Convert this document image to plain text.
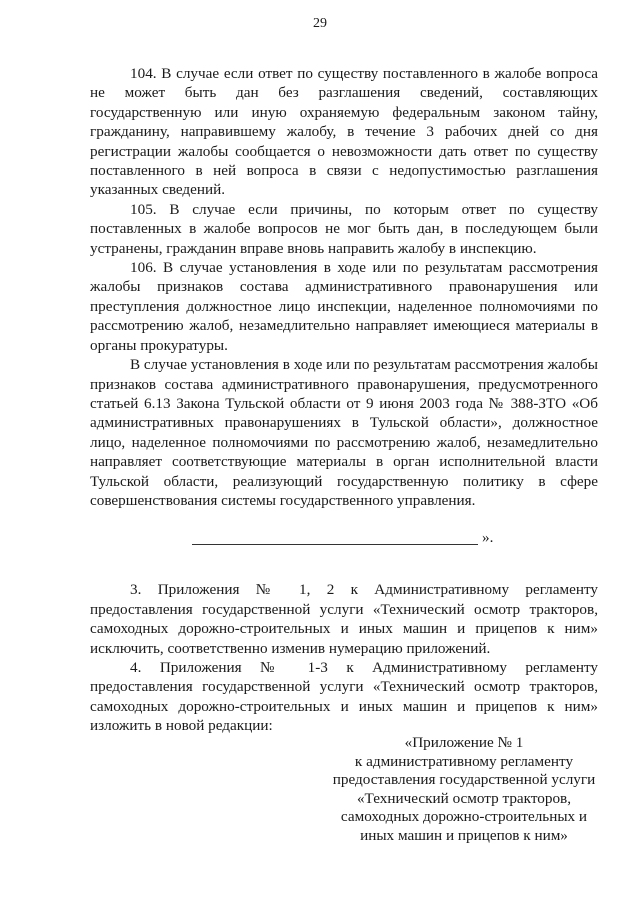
29

104. В случае если ответ по существу поставленного в жалобе вопроса не может быть дан без разглашения сведений, составляющих государственную или иную охраняемую федеральным законом тайну, гражданину, направившему жалобу, в течение 3 рабочих дней со дня регистрации жалобы сообщается о невозможности дать ответ по существу поставленного в ней вопроса в связи с недопустимостью разглашения указанных сведений.

105. В случае если причины, по которым ответ по существу поставленных в жалобе вопросов не мог быть дан, в последующем были устранены, гражданин вправе вновь направить жалобу в инспекцию.

106. В случае установления в ходе или по результатам рассмотрения жалобы признаков состава административного правонарушения или преступления должностное лицо инспекции, наделенное полномочиями по рассмотрению жалоб, незамедлительно направляет имеющиеся материалы в органы прокуратуры.

В случае установления в ходе или по результатам рассмотрения жалобы признаков состава административного правонарушения, предусмотренного статьей 6.13 Закона Тульской области от 9 июня 2003 года № 388-ЗТО «Об административных правонарушениях в Тульской области», должностное лицо, наделенное полномочиями по рассмотрению жалоб, незамедлительно направляет соответствующие материалы в орган исполнительной власти Тульской области, реализующий государственную политику в сфере совершенствования системы государственного управления.

».

3. Приложения № 1, 2 к Административному регламенту предоставления государственной услуги «Технический осмотр тракторов, самоходных дорожно-строительных и иных машин и прицепов к ним» исключить, соответственно изменив нумерацию приложений.

4. Приложения № 1-3 к Административному регламенту предоставления государственной услуги «Технический осмотр тракторов, самоходных дорожно-строительных и иных машин и прицепов к ним» изложить в новой редакции:

«Приложение № 1
к административному регламенту
предоставления государственной услуги
«Технический осмотр тракторов,
самоходных дорожно-строительных и
иных машин и прицепов к ним»
